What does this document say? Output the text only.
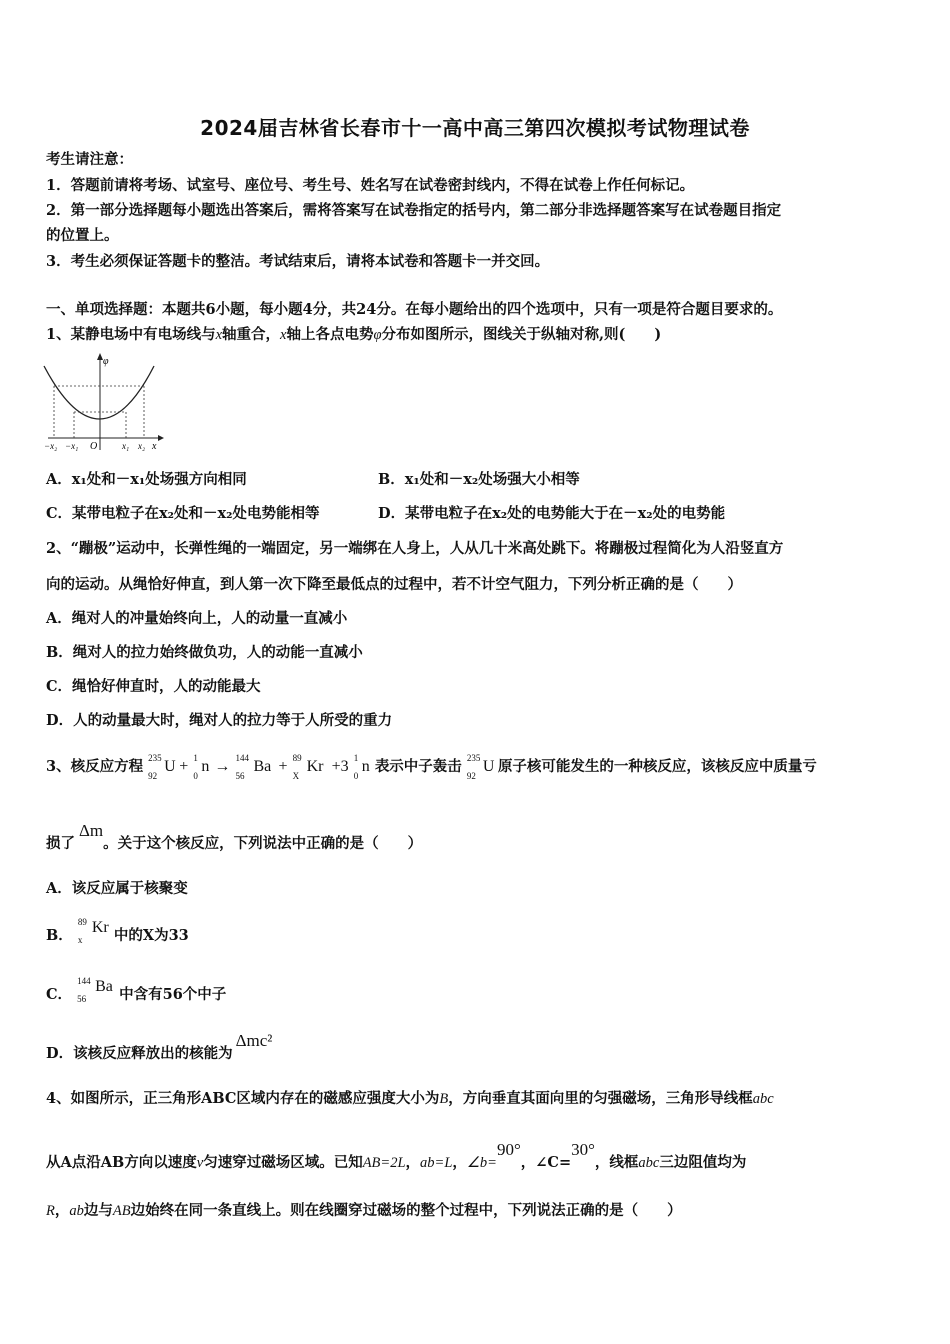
2024届吉林省长春市十一高中高三第四次模拟考试物理试卷
考生请注意：
1．答题前请将考场、试室号、座位号、考生号、姓名写在试卷密封线内，不得在试卷上作任何标记。
2．第一部分选择题每小题选出答案后，需将答案写在试卷指定的括号内，第二部分非选择题答案写在试卷题目指定
的位置上。
3．考生必须保证答题卡的整洁。考试结束后，请将本试卷和答题卡一并交回。
一、单项选择题：本题共6小题，每小题4分，共24分。在每小题给出的四个选项中，只有一项是符合题目要求的。
1、某静电场中有电场线与x轴重合，x轴上各点电势φ分布如图所示，图线关于纵轴对称,则(　　)
φ
x
O
−x₂ −x₁	x₁ x₂
A．x₁处和－x₁处场强方向相同	B．x₁处和－x₂处场强大小相等
C．某带电粒子在x₂处和－x₂处电势能相等	D．某带电粒子在x₂处的电势能大于在－x₂处的电势能
2、“蹦极”运动中，长弹性绳的一端固定，另一端绑在人身上，人从几十米高处跳下。将蹦极过程简化为人沿竖直方
向的运动。从绳恰好伸直，到人第一次下降至最低点的过程中，若不计空气阻力，下列分析正确的是（　　）
A．绳对人的冲量始终向上，人的动量一直减小
B．绳对人的拉力始终做负功，人的动能一直减小
C．绳恰好伸直时，人的动能最大
D．人的动量最大时，绳对人的拉力等于人所受的重力
3、核反应方程 235
92
U + 1
0
n → 144
56
Ba + 89
X
Kr +3 1
0
n 表示中子轰击 235
92
U 原子核可能发生的一种核反应，该核反应中质量亏
损了Δm。关于这个核反应，下列说法中正确的是（　　）
A．该反应属于核聚变
B．
89
x
Kr 中的X为33
C．
144
56
Ba 中含有56个中子
D．该核反应释放出的核能为Δmc²
4、如图所示，正三角形ABC区域内存在的磁感应强度大小为B，方向垂直其面向里的匀强磁场，三角形导线框abc
从A点沿AB方向以速度v匀速穿过磁场区域。已知AB=2L，ab=L，∠b=90°，∠C=30°，线框abc三边阻值均为
R，ab边与AB边始终在同一条直线上。则在线圈穿过磁场的整个过程中，下列说法正确的是（　　）
